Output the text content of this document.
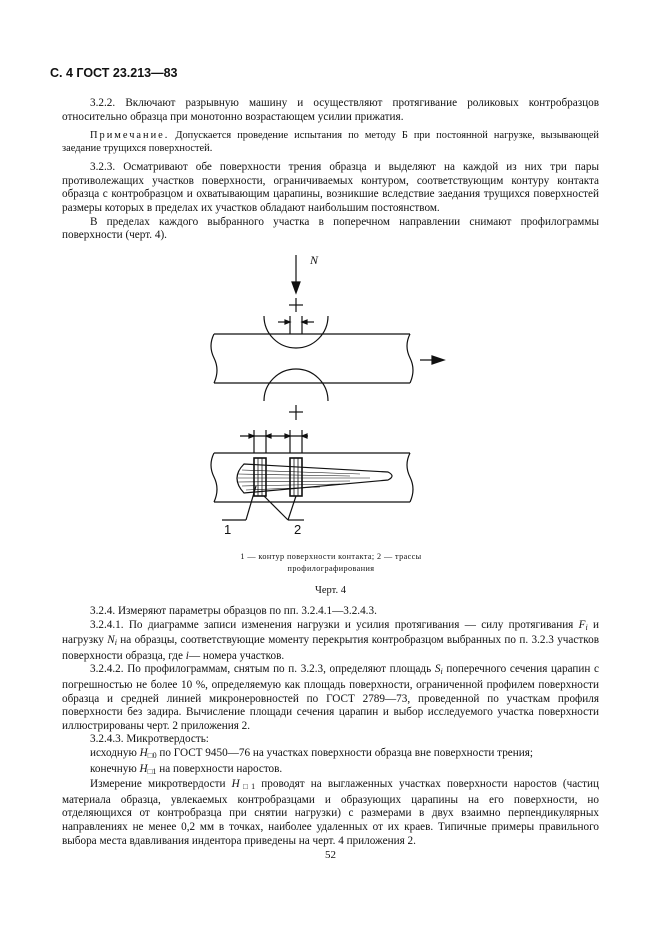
С. 4 ГОСТ 23.213—83

3.2.2. Включают разрывную машину и осуществляют протягивание роликовых контробразцов относительно образца при монотонно возрастающем усилии прижатия.

Примечание. Допускается проведение испытания по методу Б при постоянной нагрузке, вызывающей заедание трущихся поверхностей.

3.2.3. Осматривают обе поверхности трения образца и выделяют на каждой из них три пары противолежащих участков поверхности, ограничиваемых контуром, соответствующим контуру контакта образца с контробразцом и охватывающим царапины, возникшие вследствие заедания трущихся поверхностей размеры которых в пределах их участков обладают наибольшим постоянством.

В пределах каждого выбранного участка в поперечном направлении снимают профилограммы поверхности (черт. 4).

N
1	2
1 — контур поверхности контакта; 2 — трассы профилографирования
Черт. 4

3.2.4. Измеряют параметры образцов по пп. 3.2.4.1—3.2.4.3.

3.2.4.1. По диаграмме записи изменения нагрузки и усилия протягивания — силу протягивания $F_i$ и нагрузку $N_i$ на образцы, соответствующие моменту перекрытия контробразцом выбранных по п. 3.2.3 участков поверхности образца, где i— номера участков.

3.2.4.2. По профилограммам, снятым по п. 3.2.3, определяют площадь $S_i$ поперечного сечения царапин с погрешностью не более 10 %, определяемую как площадь поверхности, ограниченной профилем поверхности образца и средней линией микронеровностей по ГОСТ 2789—73, проведенной по участкам профиля поверхности без задира. Вычисление площади сечения царапин и выбор исследуемого участка поверхности иллюстрированы черт. 2 приложения 2.

3.2.4.3. Микротвердость:

исходную $H_{□0}$ по ГОСТ 9450—76 на участках поверхности образца вне поверхности трения;

конечную $H_{□1}$ на поверхности наростов.

Измерение микротвердости $H_{□1}$ проводят на выглаженных участках поверхности наростов (частиц материала образца, увлекаемых контробразцами и образующих царапины на его поверхности, но отделяющихся от контробразца при снятии нагрузки) с размерами в двух взаимно перпендикулярных направлениях не менее 0,2 мм в точках, наиболее удаленных от их краев. Типичные примеры правильного выбора места вдавливания индентора приведены на черт. 4 приложения 2.

52
